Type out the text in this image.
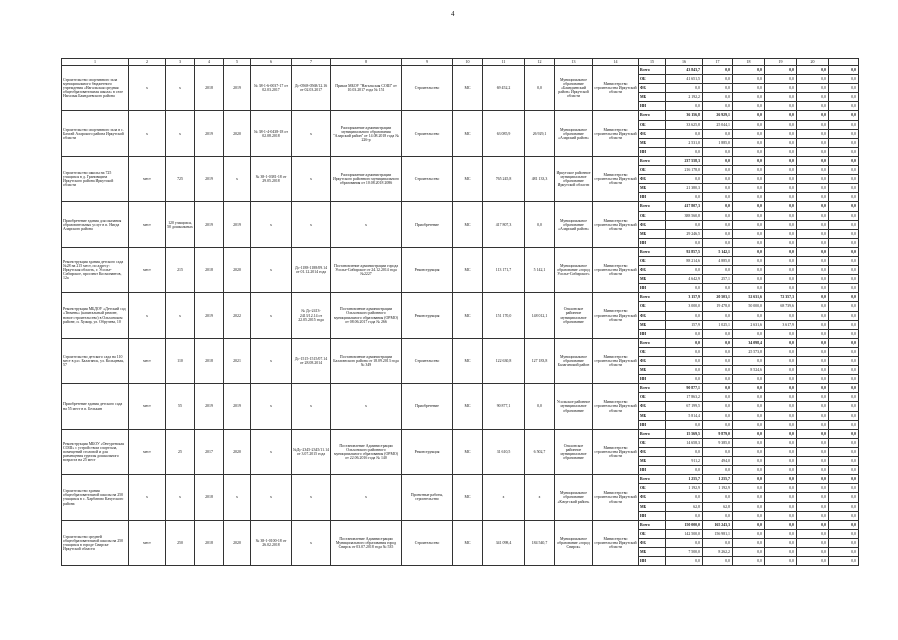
4
1	2	3	4	5	6	7	8	9	10	11	12	13	14	15	16	17	18	19	20	
Строительство спортивного зала муниципального бюджетного учреждения «Нагальская средняя общеобразовательная школа» в селе Нагалык Баяндаевского района	x	x	2018	2019	№ 38-1-6-0037-17 от 02.03.2017	Дс-0568-0568/12.16 от 02.03.2017	Приказ МБОУ "Нагальская СОШ" от 10.03.2017 года № 151	Строительство	МС	69 452,2	0,0	Муниципальное образование «Баяндаевский район» Иркутской области	Министерство строительства Иркутской области	Всего	43 843,7	0,0	0,0	0,0	0,0	0,0
														ОБ	41 651,5	0,0	0,0	0,0	0,0	0,0
														ФБ	0,0	0,0	0,0	0,0	0,0	0,0
														МБ	2 192,2	0,0	0,0	0,0	0,0	0,0
														ИИ	0,0	0,0	0,0	0,0	0,0	0,0
Строительство спортивного зала в с. Бахтай Аларского района Иркутской области	x	x	2019	2020	№ 38-1-4-0438-18 от 02.08.2018	x	Распоряжение администрации муниципального образования "Аларский район" от 14.08.2018 года № 226-р	Строительство	МС	63 085,9	26 929,1	Муниципальное образование «Аларский район»	Министерство строительства Иркутской области	Всего	36 156,8	26 929,1	0,0	0,0	0,0	0,0
														ОБ	33 625,8	25 044,1	0,0	0,0	0,0	0,0
														ФБ	0,0	0,0	0,0	0,0	0,0	0,0
														МБ	2 531,0	1 885,0	0,0	0,0	0,0	0,0
														ИИ	0,0	0,0	0,0	0,0	0,0	0,0
Строительство школы на 725 учащихся в д. Грановщина Иркутского района Иркутской области	мест	725	2019	x	№ 38-1-0381-18 от 29.05.2018	x	Распоряжение администрации Иркутского районного муниципального образования от 10.08.2018 2086	Строительство	МС	765 245,8	481 133,3	Иркутское районное муниципальное образование Иркутской области	Министерство строительства Иркутской области	Всего	237 558,3	0,0	0,0	0,0	0,0	0,0
														ОБ	216 178,0	0,0	0,0	0,0	0,0	0,0
														ФБ	0,0	0,0	0,0	0,0	0,0	0,0
														МБ	21 380,3	0,0	0,0	0,0	0,0	0,0
														ИИ	0,0	0,0	0,0	0,0	0,0	0,0
Приобретение здания для оказания образовательных услуг в п. Нигда Аларского района	мест	120 учащихся, 50 дошкольных	2019	2019	x	x	x	Приобретение	МС	417 807,3	0,0	Муниципальное образование «Аларский район»	Министерство строительства Иркутской области	Всего	417 807,3	0,0	0,0	0,0	0,0	0,0
														ОБ	388 560,8	0,0	0,0	0,0	0,0	0,0
														ФБ	0,0	0,0	0,0	0,0	0,0	0,0
														МБ	29 246,5	0,0	0,0	0,0	0,0	0,0
														ИИ	0,0	0,0	0,0	0,0	0,0	0,0
Реконструкция здания детского сада №28 на 215 мест, по адресу: Иркутская область, г. Усолье-Сибирское, проспект Космонавтов, 12а	мест	215	2018	2020	x	Дс-1188-1188/09.14 от 01.12.2014 года	Постановление администрации города Усолье-Сибирское от 24.12.2014 года №2227	Реконструкция	МС	113 171,7	5 142,1	Муниципальное образование «город Усолье-Сибирское»	Министерство строительства Иркутской области	Всего	92 857,5	5 142,1	0,0	0,0	0,0	0,0
														ОБ	88 214,6	4 885,0	0,0	0,0	0,0	0,0
														ФБ	0,0	0,0	0,0	0,0	0,0	0,0
														МБ	4 642,9	257,1	0,0	0,0	0,0	0,0
														ИИ	0,0	0,0	0,0	0,0	0,0	0,0
Реконструкция МБДОУ «Детский сад «Тюмень» (капитальный ремонт, новое строительство) в Ольхонском районе, п. Хужир, ул. Обручева, 10	x	x	2019	2022	x	№ Дс-2413-2413/12.14 от 22.05.2015 года	Постановление администрации Ольхонского районного муниципального образования (ОРМО) от 08.06.2017 года № 266	Реконструкция	МС	151 170,0	148 012,1	Ольхонское районное муниципальное образование	Министерство строительства Иркутской области	Всего	3 157,9	20 503,1	52 631,6	72 357,3	0,0	0,0
														ОБ	3 000,0	19 478,0	50 000,0	68 739,6	0,0	0,0
														ФБ	0,0	0,0	0,0	0,0	0,0	0,0
														МБ	157,9	1 025,1	2 631,6	3 617,9	0,0	0,0
														ИИ	0,0	0,0	0,0	0,0	0,0	0,0
Строительство детского сада на 110 мест в р.п. Балаганск, ул. Кольцевая, 57	мест	110	2018	2021	x	Дс-1515-1515/07.14 от 28.08.2014	Постановление администрации Балаганского района от 18.09.2013 года № 349	Строительство	МС	122 630,8	127 183,8	Муниципальное образование Балаганский район	Министерство строительства Иркутской области	Всего	0,0	0,0	34 098,4	0,0	0,0	0,0
														ОБ	0,0	0,0	25 573,8	0,0	0,0	0,0
														ФБ	0,0	0,0	0,0	0,0	0,0	0,0
														МБ	0,0	0,0	8 524,6	0,0	0,0	0,0
														ИИ	0,0	0,0	0,0	0,0	0,0	0,0
Приобретение здания детского сада на 55 мест в п. Белькин	мест	55	2019	2019	x	x	x	Приобретение	МС	90 877,1	0,0	Усольское районное муниципальное образование	Министерство строительства Иркутской области	Всего	90 877,1	0,0	0,0	0,0	0,0	0,0
														ОБ	17 863,2	0,0	0,0	0,0	0,0	0,0
														ФБ	67 199,5	0,0	0,0	0,0	0,0	0,0
														МБ	5 814,4	0,0	0,0	0,0	0,0	0,0
														ИИ	0,0	0,0	0,0	0,0	0,0	0,0
Реконструкция МБОУ «Онгуренская СОШ» с устройством спортзала, помещений столовой и для размещения группы дошкольного возраста на 25 мест	мест	25	2017	2020	x	№Дс-2345-2345/11.14 от 3.07.2015 года	Постановление Администрации Ольхонского районного муниципального образования (ОРМО) от 22.06.2016 года № 140	Реконструкция	МС	31 610,5	6 502,7	Ольхонское районное муниципальное образование	Министерство строительства Иркутской области	Всего	15 569,5	9 879,0	0,0	0,0	0,0	0,0
														ОБ	14 658,3	9 385,0	0,0	0,0	0,0	0,0
														ФБ	0,0	0,0	0,0	0,0	0,0	0,0
														МБ	911,2	494,0	0,0	0,0	0,0	0,0
														ИИ	0,0	0,0	0,0	0,0	0,0	0,0
Строительство здания общеобразовательной школы на 250 учащихся в с. Харбатово Качугского района	x	x	2018	x	x	x	x	Проектные работы, строительство	МС	x	x	Муниципальное образование «Качугский район»	Министерство строительства Иркутской области	Всего	1 255,7	1 255,7	0,0	0,0	0,0	0,0
														ОБ	1 192,9	1 192,9	0,0	0,0	0,0	0,0
														ФБ	0,0	0,0	0,0	0,0	0,0	0,0
														МБ	62,8	62,8	0,0	0,0	0,0	0,0
														ИИ	0,0	0,0	0,0	0,0	0,0	0,0
Строительство средней общеобразовательной школы на 250 учащихся в городе Свирске Иркутской области	мест	250	2018	2020	№ 38-1-0100-18 от 26.02.2018	x	Постановление Администрации Муниципального образования город Свирск от 03.07.2018 года № 535	Строительство	МС	341 098,4	184 540,7	Муниципальное образование «город Свирск»	Министерство строительства Иркутской области	Всего	150 000,0	165 243,3	0,0	0,0	0,0	0,0
														ОБ	142 500,0	156 981,1	0,0	0,0	0,0	0,0
														ФБ	0,0	0,0	0,0	0,0	0,0	0,0
														МБ	7 500,0	8 262,2	0,0	0,0	0,0	0,0
														ИИ	0,0	0,0	0,0	0,0	0,0	0,0
